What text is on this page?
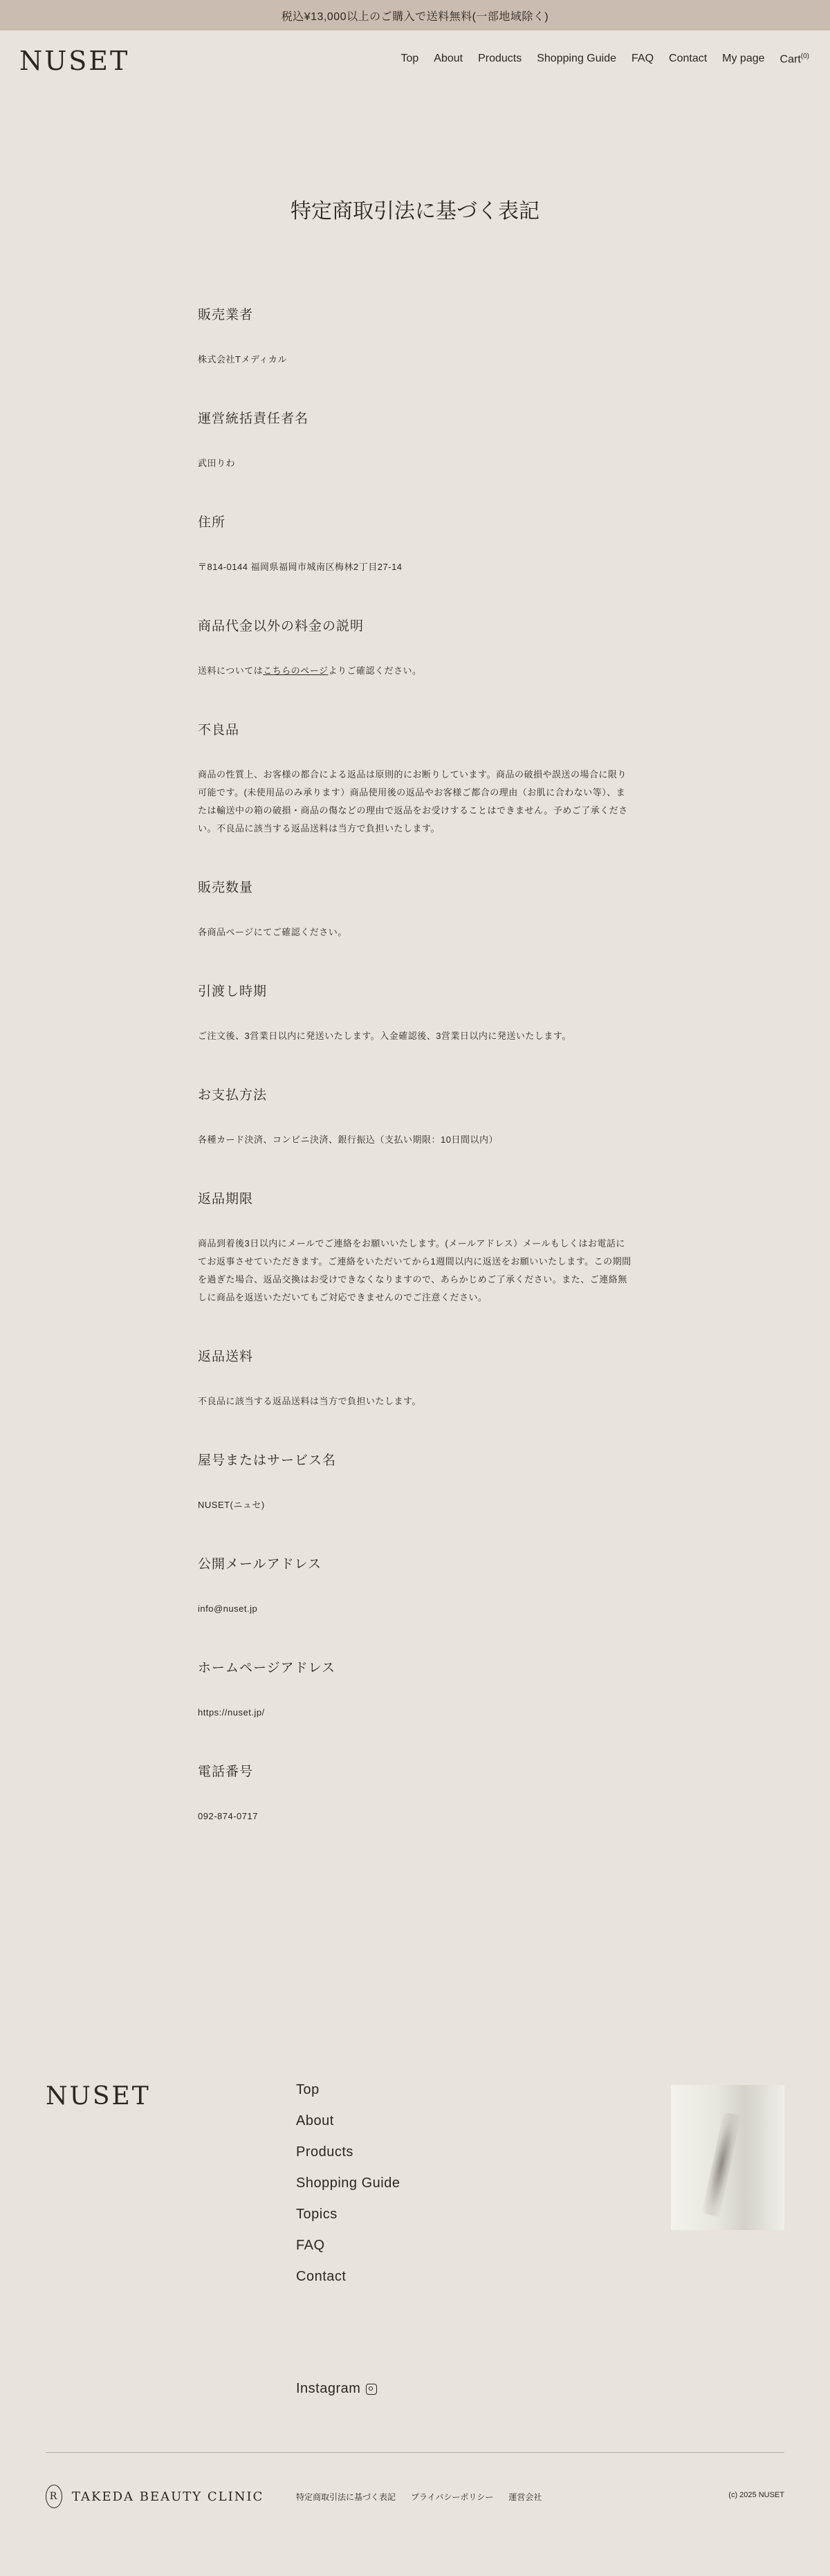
税込¥13,000以上のご購入で送料無料(一部地域除く)
NUSET	Top About Products Shopping Guide FAQ Contact My page Cart$^{(0)}$
特定商取引法に基づく表記
販売業者

株式会社Tメディカル

運営統括責任者名

武田りわ

住所

〒814-0144 福岡県福岡市城南区梅林2丁目27-14

商品代金以外の料金の説明

送料についてはこちらのページよりご確認ください。

不良品

商品の性質上、お客様の都合による返品は原則的にお断りしています。商品の破損や誤送の場合に限り可能です。(未使用品のみ承ります）商品使用後の返品やお客様ご都合の理由（お肌に合わない等）、または輸送中の箱の破損・商品の傷などの理由で返品をお受けすることはできません。予めご了承ください。不良品に該当する返品送料は当方で負担いたします。

販売数量

各商品ページにてご確認ください。

引渡し時期

ご注文後、3営業日以内に発送いたします。入金確認後、3営業日以内に発送いたします。

お支払方法

各種カード決済、コンビニ決済、銀行振込（支払い期限：10日間以内）

返品期限

商品到着後3日以内にメールでご連絡をお願いいたします。(メールアドレス）メールもしくはお電話にてお返事させていただきます。ご連絡をいただいてから1週間以内に返送をお願いいたします。この期間を過ぎた場合、返品交換はお受けできなくなりますので、あらかじめご了承ください。また、ご連絡無しに商品を返送いただいてもご対応できませんのでご注意ください。

返品送料

不良品に該当する返品送料は当方で負担いたします。

屋号またはサービス名

NUSET(ニュセ)

公開メールアドレス

info@nuset.jp

ホームページアドレス

https://nuset.jp/

電話番号

092-874-0717

NUSET	Top
About
Products
Shopping Guide
Topics
FAQ
Contact
Instagram
R	TAKEDA BEAUTY CLINIC	特定商取引法に基づく表記 プライバシーポリシー 運営会社	(c) 2025 NUSET
